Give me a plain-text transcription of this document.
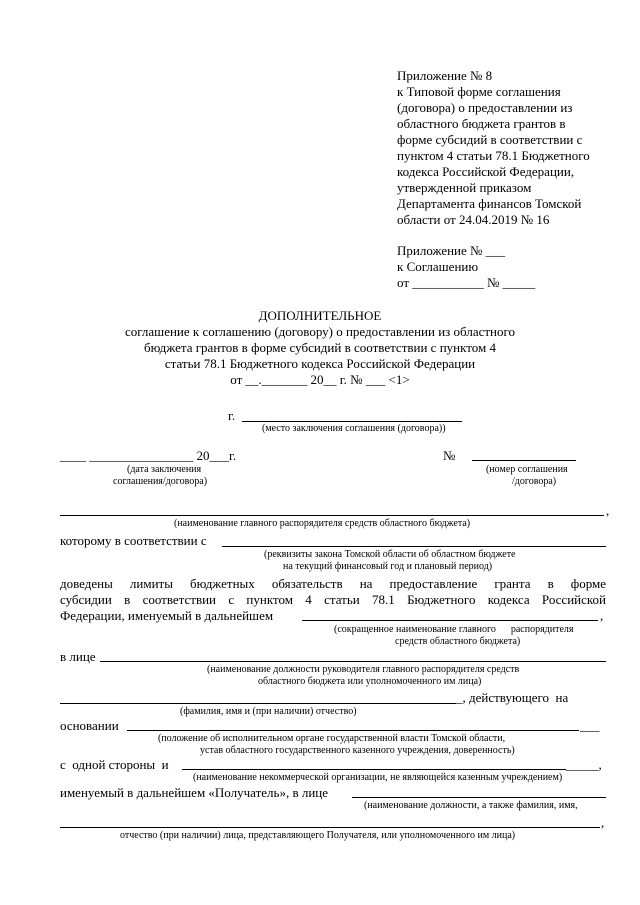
Приложение № 8
к Типовой форме соглашения
(договора) о предоставлении из
областного бюджета грантов в
форме субсидий в соответствии с
пунктом 4 статьи 78.1 Бюджетного
кодекса Российской Федерации,
утвержденной приказом
Департамента финансов Томской
области от 24.04.2019 № 16
Приложение № ___
к Соглашению
от ___________ № _____
ДОПОЛНИТЕЛЬНОЕ
соглашение к соглашению (договору) о предоставлении из областного
бюджета грантов в форме субсидий в соответствии с пунктом 4
статьи 78.1 Бюджетного кодекса Российской Федерации
от __._______ 20__ г. № ___ <1>
г.
(место заключения соглашения (договора))
____ ________________ 20___г.
(дата заключения
соглашения/договора)
№
(номер соглашения
/договора)
,
(наименование главного распорядителя средств областного бюджета)
которому в соответствии с
(реквизиты закона Томской области об областном бюджете
на текущий финансовый год и плановый период)
доведены лимиты бюджетных обязательств на предоставление гранта в форме
субсидии в соответствии с пунктом 4 статьи 78.1 Бюджетного кодекса Российской
Федерации, именуемый в дальнейшем	,
(сокращенное наименование главного      распорядителя
средств областного бюджета)
в лице
(наименование должности руководителя главного распорядителя средств
областного бюджета или уполномоченного им лица)
_, действующего  на
(фамилия, имя и (при наличии) отчество)
основании	___
(положение об исполнительном органе государственной власти Томской области,
устав областного государственного казенного учреждения, доверенность)
с  одной стороны  и	_____,
(наименование некоммерческой организации, не являющейся казенным учреждением)
именуемый в дальнейшем «Получатель», в лице
(наименование должности, а также фамилия, имя,
,
отчество (при наличии) лица, представляющего Получателя, или уполномоченного им лица)
